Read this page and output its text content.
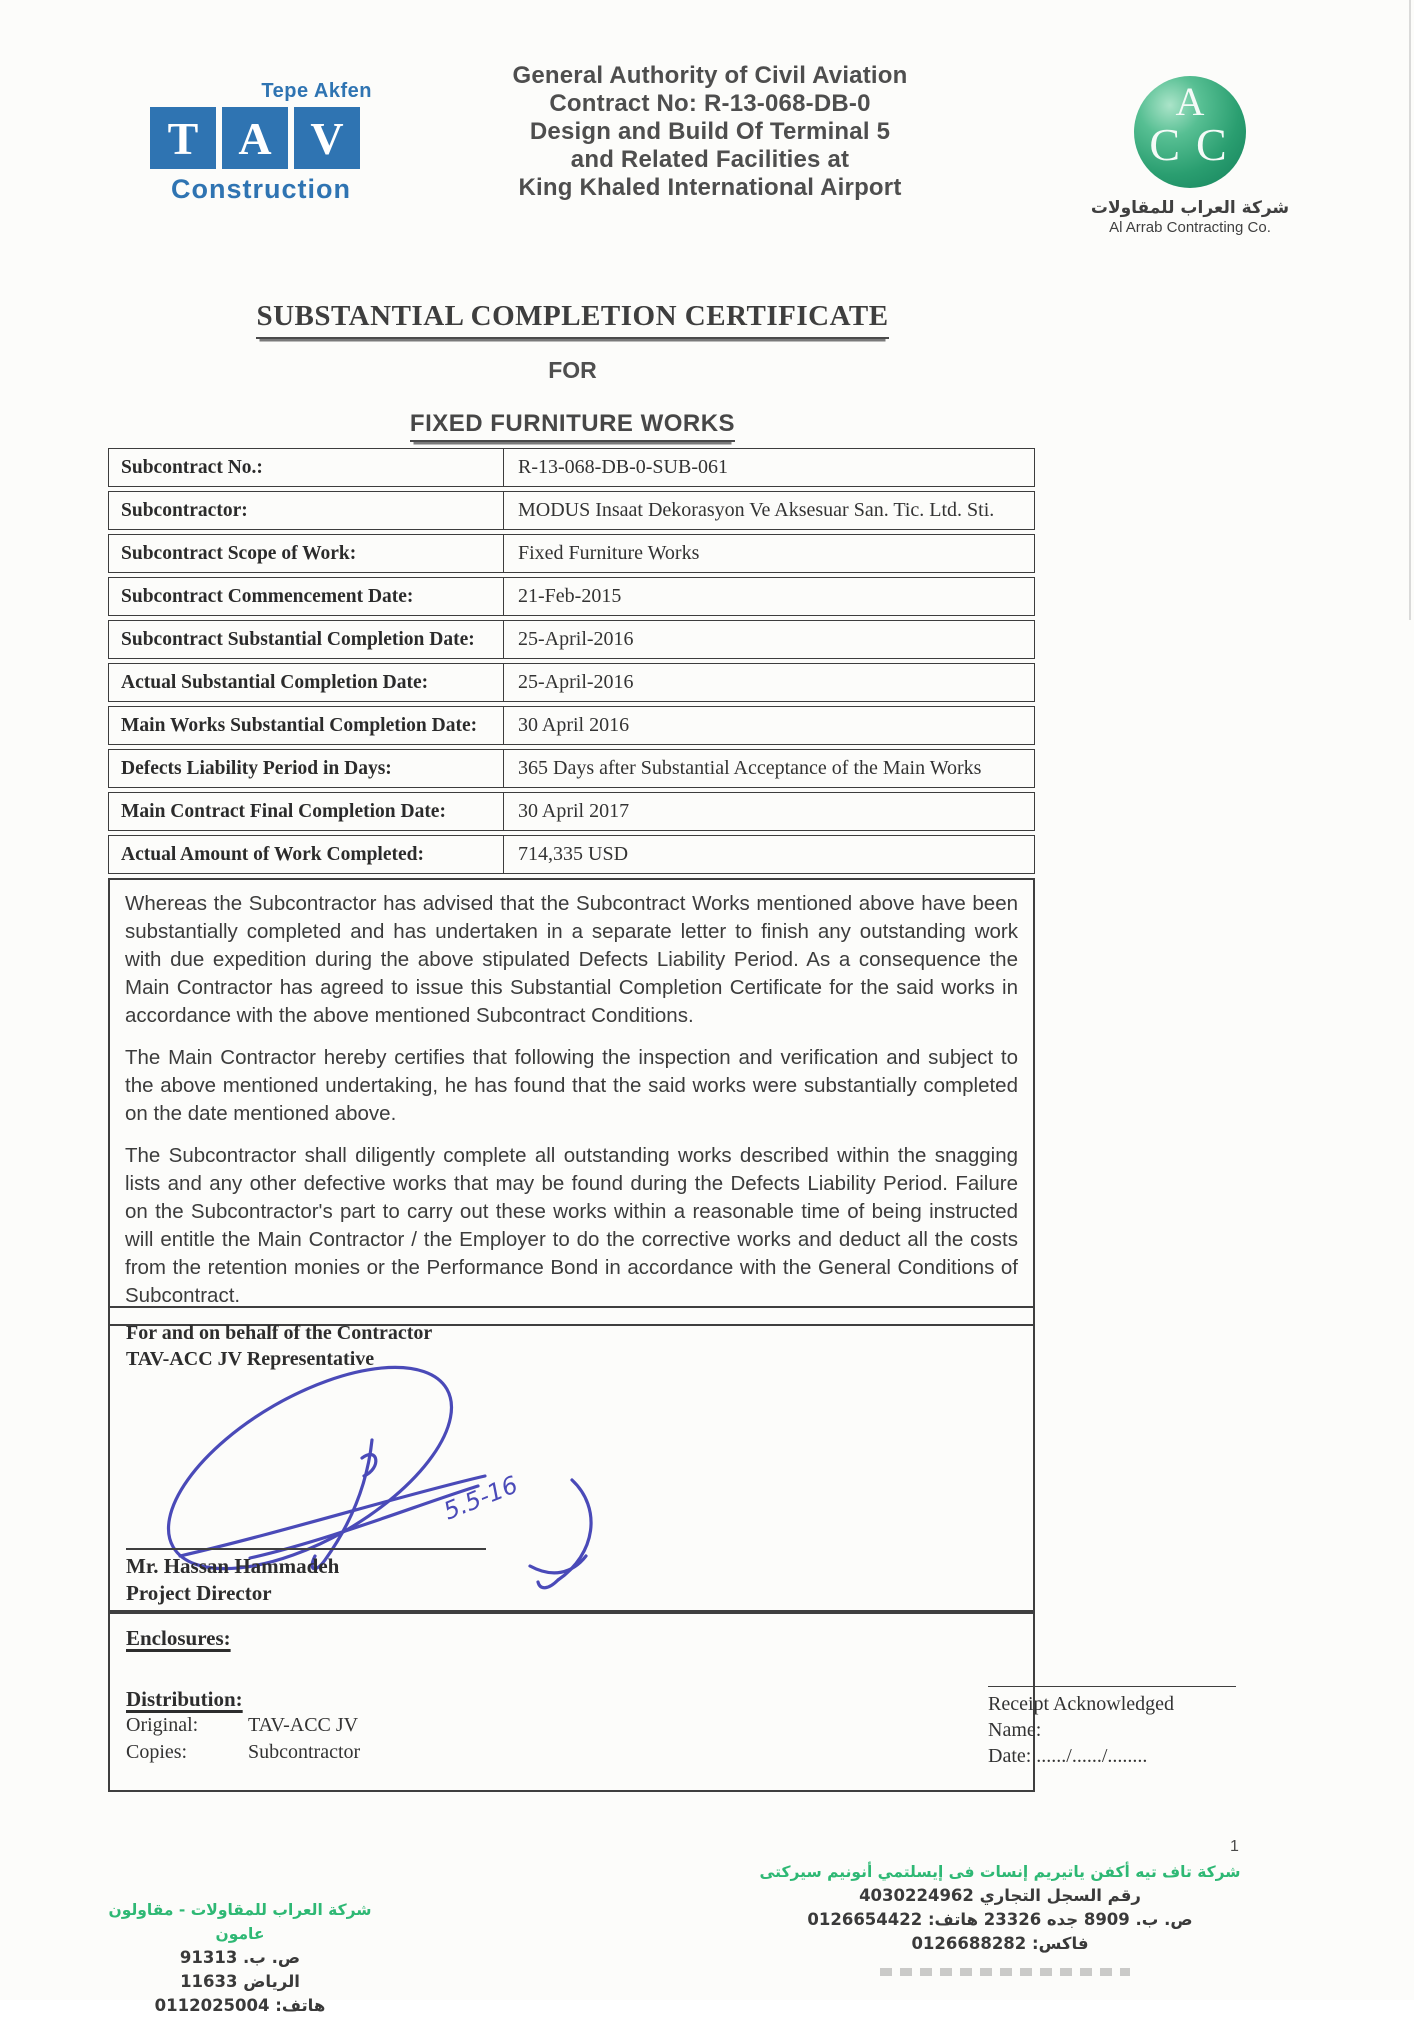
Tepe Akfen
T A V
Construction
General Authority of Civil Aviation
Contract No: R-13-068-DB-0
Design and Build Of Terminal 5
and Related Facilities at
King Khaled International Airport
A
CC
شركة العراب للمقاولات
Al Arrab Contracting Co.
SUBSTANTIAL COMPLETION CERTIFICATE
FOR

FIXED FURNITURE WORKS
Subcontract No.:	R-13-068-DB-0-SUB-061
Subcontractor:	MODUS Insaat Dekorasyon Ve Aksesuar San. Tic. Ltd. Sti.
Subcontract Scope of Work:	Fixed Furniture Works
Subcontract Commencement Date:	21-Feb-2015
Subcontract Substantial Completion Date:	25-April-2016
Actual Substantial Completion Date:	25-April-2016
Main Works Substantial Completion Date:	30 April 2016
Defects Liability Period in Days:	365 Days after Substantial Acceptance of the Main Works
Main Contract Final Completion Date:	30 April 2017
Actual Amount of Work Completed:	714,335 USD

Whereas the Subcontractor has advised that the Subcontract Works mentioned above have been substantially completed and has undertaken in a separate letter to finish any outstanding work with due expedition during the above stipulated Defects Liability Period. As a consequence the Main Contractor has agreed to issue this Substantial Completion Certificate for the said works in accordance with the above mentioned Subcontract Conditions.

The Main Contractor hereby certifies that following the inspection and verification and subject to the above mentioned undertaking, he has found that the said works were substantially completed on the date mentioned above.

The Subcontractor shall diligently complete all outstanding works described within the snagging lists and any other defective works that may be found during the Defects Liability Period. Failure on the Subcontractor's part to carry out these works within a reasonable time of being instructed will entitle the Main Contractor / the Employer to do the corrective works and deduct all the costs from the retention monies or the Performance Bond in accordance with the General Conditions of Subcontract.

For and on behalf of the Contractor
TAV-ACC JV Representative
5.5-16
Mr. Hassan Hammadeh
Project Director
Enclosures:
Distribution:
Original:	TAV-ACC JV
Copies:	Subcontractor
Receipt Acknowledged
Name:
Date: ....../....../........
1
شركة العراب للمقاولات - مقاولون عامون
ص. ب. 91313
الرياض 11633
هاتف: 0112025004
شركة تاف تيه أكفن ياتيريم إنسات فى إيسلتمي أنونيم سيركتى
رقم السجل التجاري 4030224962
ص. ب. 8909 جده 23326 هاتف: 0126654422
فاكس: 0126688282
